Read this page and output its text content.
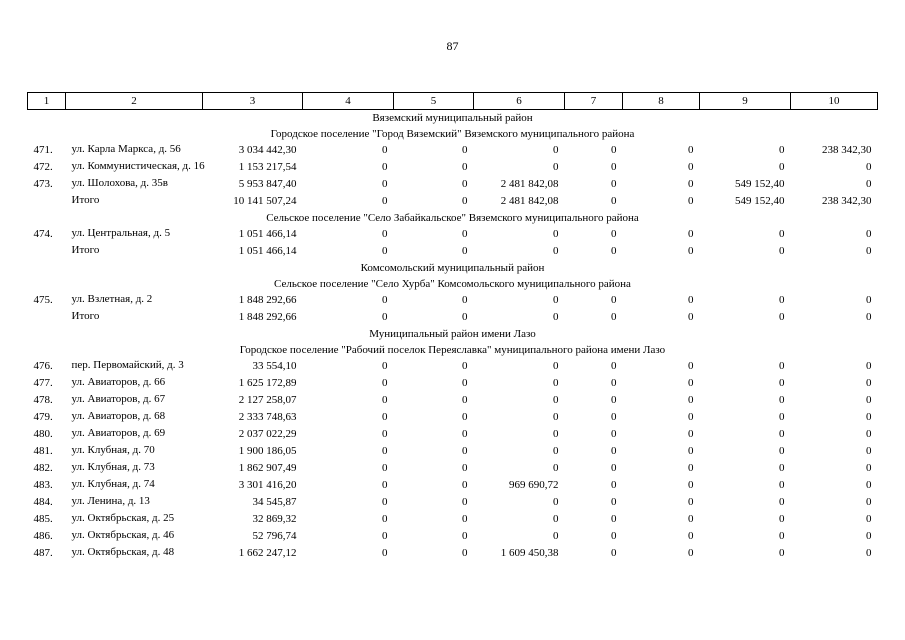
87
1	2	3	4	5	6	7	8	9	10
Вяземский муниципальный район									
Городское поселение "Город Вяземский" Вяземского муниципального района									
471.	ул. Карла Маркса, д. 56	3 034 442,30	0	0	0	0	0	0	238 342,30
472.	ул. Коммунистическая, д. 16	1 153 217,54	0	0	0	0	0	0	0
473.	ул. Шолохова, д. 35в	5 953 847,40	0	0	2 481 842,08	0	0	549 152,40	0
	Итого	10 141 507,24	0	0	2 481 842,08	0	0	549 152,40	238 342,30
Сельское поселение "Село Забайкальское" Вяземского муниципального района									
474.	ул. Центральная, д. 5	1 051 466,14	0	0	0	0	0	0	0
	Итого	1 051 466,14	0	0	0	0	0	0	0
Комсомольский муниципальный район									
Сельское поселение "Село Хурба" Комсомольского муниципального района									
475.	ул. Взлетная, д. 2	1 848 292,66	0	0	0	0	0	0	0
	Итого	1 848 292,66	0	0	0	0	0	0	0
Муниципальный район имени Лазо									
Городское поселение "Рабочий поселок Переяславка" муниципального района имени Лазо									
476.	пер. Первомайский, д. 3	33 554,10	0	0	0	0	0	0	0
477.	ул. Авиаторов, д. 66	1 625 172,89	0	0	0	0	0	0	0
478.	ул. Авиаторов, д. 67	2 127 258,07	0	0	0	0	0	0	0
479.	ул. Авиаторов, д. 68	2 333 748,63	0	0	0	0	0	0	0
480.	ул. Авиаторов, д. 69	2 037 022,29	0	0	0	0	0	0	0
481.	ул. Клубная, д. 70	1 900 186,05	0	0	0	0	0	0	0
482.	ул. Клубная, д. 73	1 862 907,49	0	0	0	0	0	0	0
483.	ул. Клубная, д. 74	3 301 416,20	0	0	969 690,72	0	0	0	0
484.	ул. Ленина, д. 13	34 545,87	0	0	0	0	0	0	0
485.	ул. Октябрьская, д. 25	32 869,32	0	0	0	0	0	0	0
486.	ул. Октябрьская, д. 46	52 796,74	0	0	0	0	0	0	0
487.	ул. Октябрьская, д. 48	1 662 247,12	0	0	1 609 450,38	0	0	0	0
